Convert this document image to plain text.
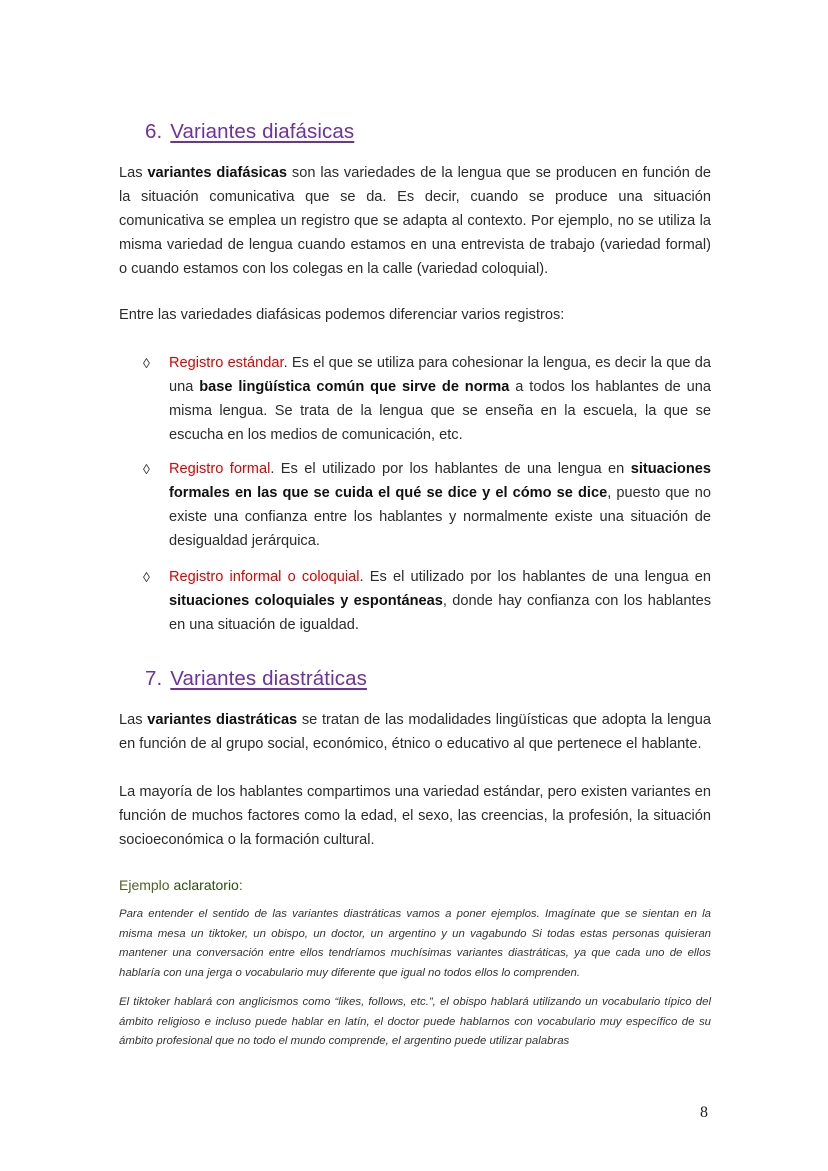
6. Variantes diafásicas

Las variantes diafásicas son las variedades de la lengua que se producen en función de la situación comunicativa que se da. Es decir, cuando se produce una situación comunicativa se emplea un registro que se adapta al contexto. Por ejemplo, no se utiliza la misma variedad de lengua cuando estamos en una entrevista de trabajo (variedad formal) o cuando estamos con los colegas en la calle (variedad coloquial).

Entre las variedades diafásicas podemos diferenciar varios registros:

◊ Registro estándar. Es el que se utiliza para cohesionar la lengua, es decir la que da una base lingüística común que sirve de norma a todos los hablantes de una misma lengua. Se trata de la lengua que se enseña en la escuela, la que se escucha en los medios de comunicación, etc.

◊ Registro formal. Es el utilizado por los hablantes de una lengua en situaciones formales en las que se cuida el qué se dice y el cómo se dice, puesto que no existe una confianza entre los hablantes y normalmente existe una situación de desigualdad jerárquica.

◊ Registro informal o coloquial. Es el utilizado por los hablantes de una lengua en situaciones coloquiales y espontáneas, donde hay confianza con los hablantes en una situación de igualdad.

7. Variantes diastráticas

Las variantes diastráticas se tratan de las modalidades lingüísticas que adopta la lengua en función de al grupo social, económico, étnico o educativo al que pertenece el hablante.

La mayoría de los hablantes compartimos una variedad estándar, pero existen variantes en función de muchos factores como la edad, el sexo, las creencias, la profesión, la situación socioeconómica o la formación cultural.

Ejemplo aclaratorio:

Para entender el sentido de las variantes diastráticas vamos a poner ejemplos. Imagínate que se sientan en la misma mesa un tiktoker, un obispo, un doctor, un argentino y un vagabundo Si todas estas personas quisieran mantener una conversación entre ellos tendríamos muchísimas variantes diastráticas, ya que cada uno de ellos hablaría con una jerga o vocabulario muy diferente que igual no todos ellos lo comprenden.

El tiktoker hablará con anglicismos como “likes, follows, etc.”, el obispo hablará utilizando un vocabulario típico del ámbito religioso e incluso puede hablar en latín, el doctor puede hablarnos con vocabulario muy específico de su ámbito profesional que no todo el mundo comprende, el argentino puede utilizar palabras

8
